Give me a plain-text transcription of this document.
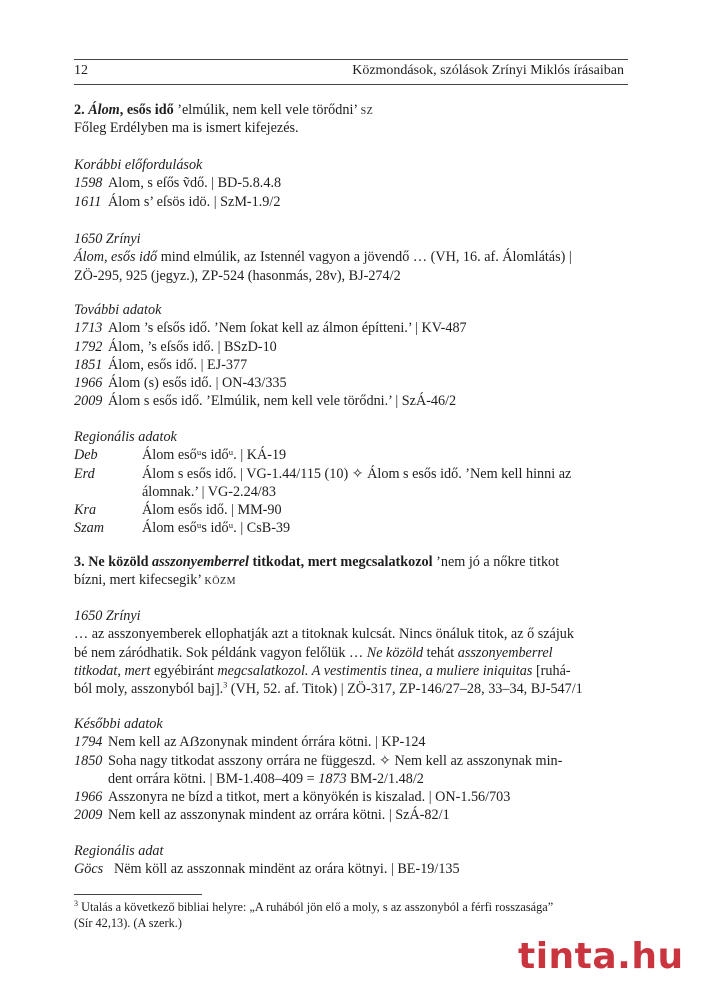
12	Közmondások, szólások Zrínyi Miklós írásaiban
2. Álom, esős idő ’elmúlik, nem kell vele törődni’ sz
Főleg Erdélyben ma is ismert kifejezés.
Korábbi előfordulások
1598 Alom, s eſős ṽdő. | BD-5.8.4.8
1611 Álom s’ eſsös idö. | SzM-1.9/2
1650 Zrínyi
Álom, esős idő mind elmúlik, az Istennél vagyon a jövendő … (VH, 16. af. Álomlátás) |
ZÖ-295, 925 (jegyz.), ZP-524 (hasonmás, 28v), BJ-274/2
További adatok
1713 Alom ’s eſsős idő. ’Nem ſokat kell az álmon építteni.’ | KV-487
1792 Álom, ’s eſsős idő. | BSzD-10
1851 Álom, esős idő. | EJ-377
1966 Álom (s) esős idő. | ON-43/335
2009 Álom s esős idő. ’Elmúlik, nem kell vele törődni.’ | SzÁ-46/2
Regionális adatok
Deb	Álom esőᵘs időᵘ. | KÁ-19
Erd	Álom s esős idő. | VG-1.44/115 (10) ✧ Álom s esős idő. ’Nem kell hinni az
álomnak.’ | VG-2.24/83
Kra	Álom esős idő. | MM-90
Szam	Álom esőᵘs időᵘ. | CsB-39
3. Ne közöld asszonyemberrel titkodat, mert megcsalatkozol ’nem jó a nőkre titkot
bízni, mert kifecsegik’ közm
1650 Zrínyi
… az asszonyemberek ellophatják azt a titoknak kulcsát. Nincs önáluk titok, az ő szájuk
bé nem záródhatik. Sok példánk vagyon felőlük … Ne közöld tehát asszonyemberrel
titkodat, mert egyébiránt megcsalatkozol. A vestimentis tinea, a muliere iniquitas [ruhá-
ból moly, asszonyból baj].$^3$ (VH, 52. af. Titok) | ZÖ-317, ZP-146/27–28, 33–34, BJ-547/1
Későbbi adatok
1794 Nem kell az Aẞzonynak mindent órrára kötni. | KP-124
1850 Soha nagy titkodat asszony orrára ne függeszd. ✧ Nem kell az asszonynak min-
dent orrára kötni. | BM-1.408–409 = 1873 BM-2/1.48/2
1966 Asszonyra ne bízd a titkot, mert a könyökén is kiszalad. | ON-1.56/703
2009 Nem kell az asszonynak mindent az orrára kötni. | SzÁ-82/1
Regionális adat
Göcs Nëm köll az asszonnak mindënt az orára kötnyi. | BE-19/135
$^3$ Utalás a következő bibliai helyre: „A ruhából jön elő a moly, s az asszonyból a férfi rosszasága”
(Sír 42,13). (A szerk.)
tinta.hu
